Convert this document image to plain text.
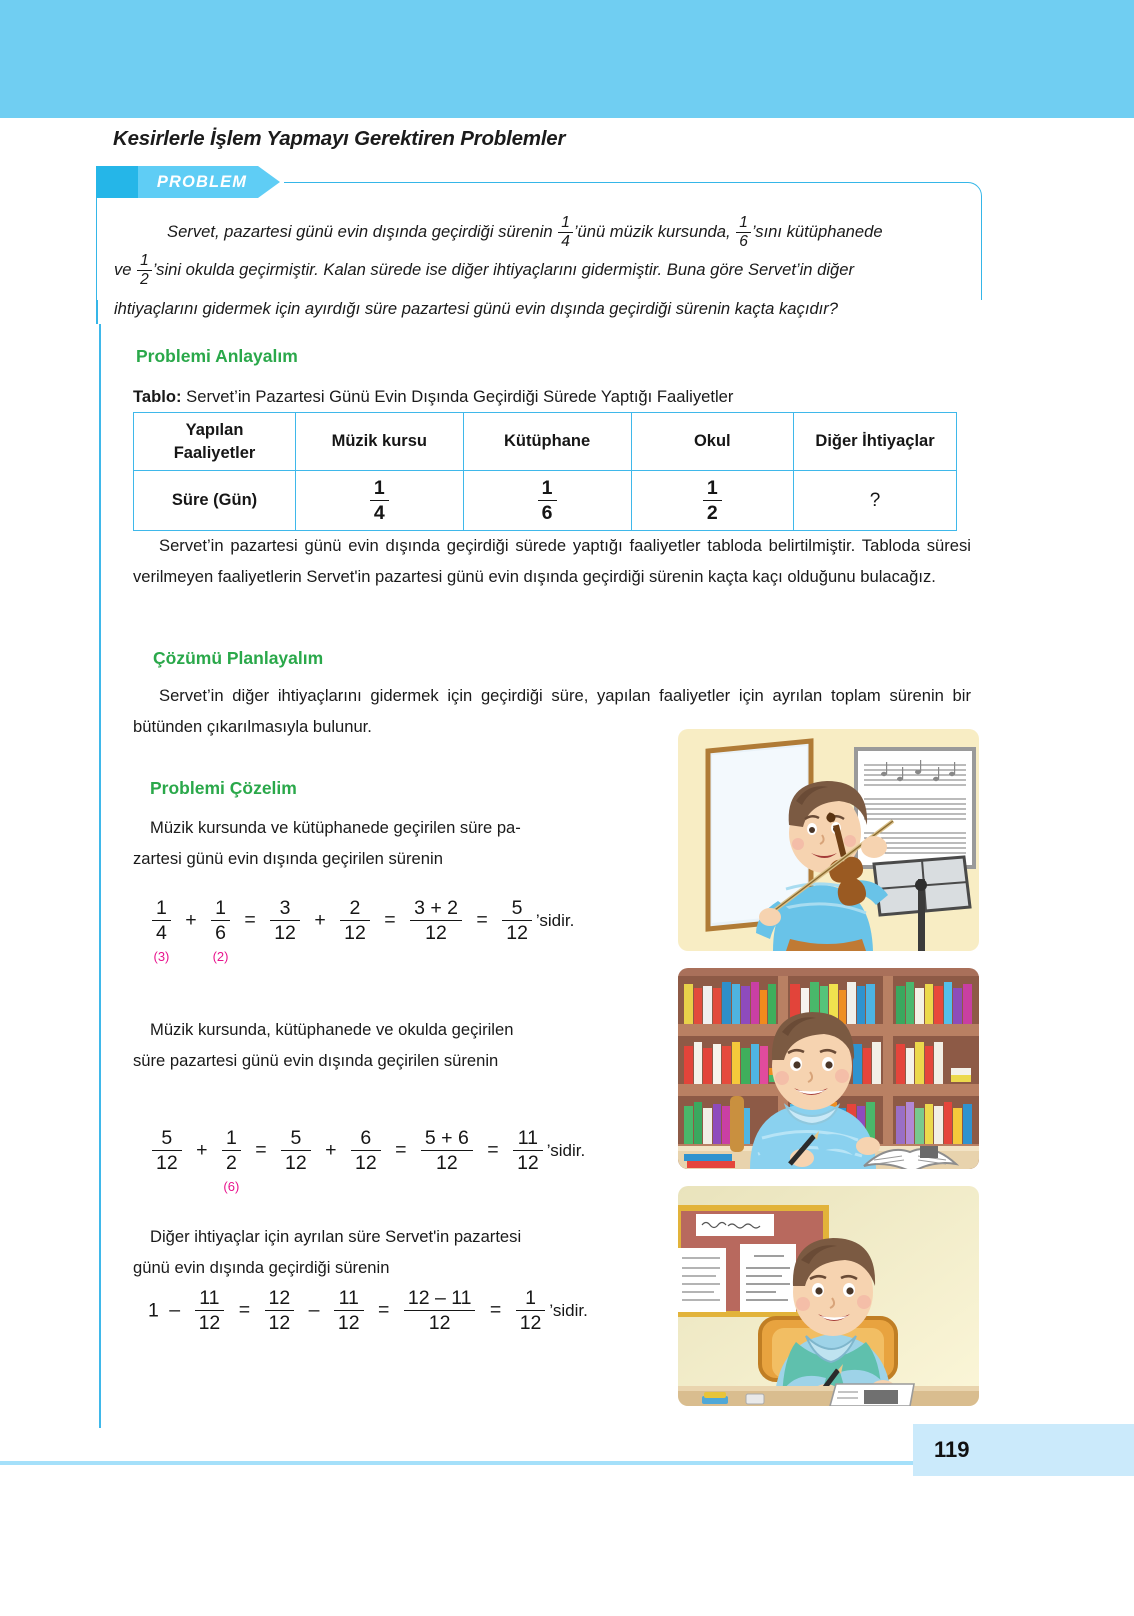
Kesirlerle İşlem Yapmayı Gerektiren Problemler
PROBLEM
Servet, pazartesi günü evin dışında geçirdiği sürenin $\frac{1}{4}$ ’ünü müzik kursunda, $\frac{1}{6}$ ’sını kütüphanede
ve $\frac{1}{2}$ ’sini okulda geçirmiştir. Kalan sürede ise diğer ihtiyaçlarını gidermiştir. Buna göre Servet’in diğer
ihtiyaçlarını gidermek için ayırdığı süre pazartesi günü evin dışında geçirdiği sürenin kaçta kaçıdır?
Problemi Anlayalım
Tablo: Servet’in Pazartesi Günü Evin Dışında Geçirdiği Sürede Yaptığı Faaliyetler
Yapılan
Faaliyetler	Müzik kursu	Kütüphane	Okul	Diğer İhtiyaçlar
Süre (Gün)	$\frac{1}{4}$	$\frac{1}{6}$	$\frac{1}{2}$	?
Servet’in pazartesi günü evin dışında geçirdiği sürede yaptığı faaliyetler tabloda belirtilmiştir. Tabloda süresi verilmeyen faaliyetlerin Servet'in pazartesi günü evin dışında geçirdiği sürenin kaçta kaçı olduğunu bulacağız.
Çözümü Planlayalım
Servet’in diğer ihtiyaçlarını gidermek için geçirdiği süre, yapılan faaliyetler için ayrılan toplam sürenin bir bütünden çıkarılmasıyla bulunur.
Problemi Çözelim
Müzik kursunda ve kütüphanede geçirilen süre pa-
zartesi günü evin dışında geçirilen sürenin
1
4
(3)
+
1
6
(2)
= $\frac{3}{12} + \frac{2}{12} = \frac{3 + 2}{12} = \frac{5}{12}$ ’sidir.
Müzik kursunda, kütüphanede ve okulda geçirilen
süre pazartesi günü evin dışında geçirilen sürenin
$\frac{5}{12}$ +
1
2
(6)
= $\frac{5}{12} + \frac{6}{12} = \frac{5 + 6}{12} = \frac{11}{12}$ ’sidir.
Diğer ihtiyaçlar için ayrılan süre Servet'in pazartesi
günü evin dışında geçirdiği sürenin
$1 - \frac{11}{12} = \frac{12}{12} - \frac{11}{12} = \frac{12 - 11}{12} = \frac{1}{12}$ ’sidir.
119
